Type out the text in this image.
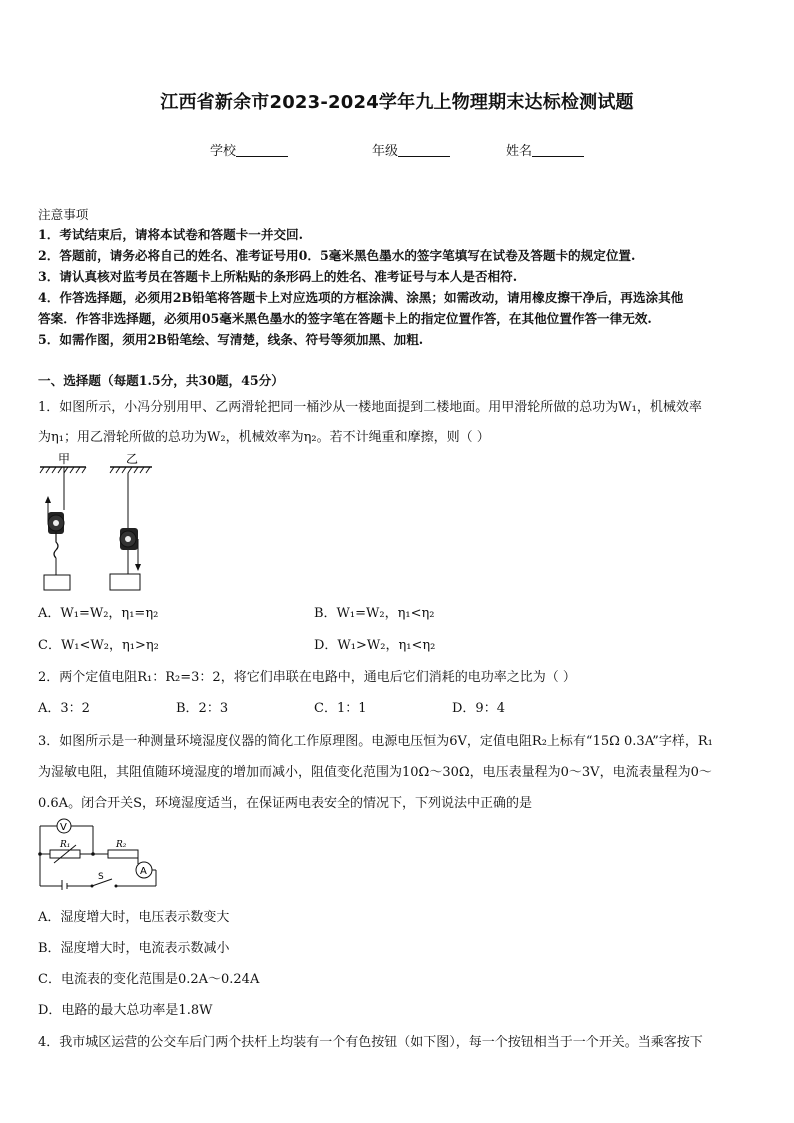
江西省新余市2023-2024学年九上物理期末达标检测试题
学校	年级	姓名
注意事项
1．考试结束后，请将本试卷和答题卡一并交回.
2．答题前，请务必将自己的姓名、准考证号用0．5毫米黑色墨水的签字笔填写在试卷及答题卡的规定位置.
3．请认真核对监考员在答题卡上所粘贴的条形码上的姓名、准考证号与本人是否相符.
4．作答选择题，必须用2B铅笔将答题卡上对应选项的方框涂满、涂黑；如需改动，请用橡皮擦干净后，再选涂其他
答案．作答非选择题，必须用05毫米黑色墨水的签字笔在答题卡上的指定位置作答，在其他位置作答一律无效.
5．如需作图，须用2B铅笔绘、写清楚，线条、符号等须加黑、加粗.
一、选择题（每题1.5分，共30题，45分）
1．如图所示，小冯分别用甲、乙两滑轮把同一桶沙从一楼地面提到二楼地面。用甲滑轮所做的总功为W₁，机械效率
为η₁；用乙滑轮所做的总功为W₂，机械效率为η₂。若不计绳重和摩擦，则（ ）
甲	乙
A．W₁=W₂，η₁=η₂	B．W₁=W₂，η₁<η₂
C．W₁<W₂，η₁>η₂	D．W₁>W₂，η₁<η₂
2．两个定值电阻R₁：R₂=3：2，将它们串联在电路中，通电后它们消耗的电功率之比为（ ）
A．3：2	B．2：3	C．1：1	D．9：4
3．如图所示是一种测量环境湿度仪器的简化工作原理图。电源电压恒为6V，定值电阻R₂上标有“15Ω 0.3A”字样，R₁
为湿敏电阻，其阻值随环境湿度的增加而减小，阻值变化范围为10Ω～30Ω，电压表量程为0～3V，电流表量程为0～
0.6A。闭合开关S，环境湿度适当，在保证两电表安全的情况下，下列说法中正确的是
V
A
R₁	R₂
S
A．湿度增大时，电压表示数变大
B．湿度增大时，电流表示数减小
C．电流表的变化范围是0.2A～0.24A
D．电路的最大总功率是1.8W
4．我市城区运营的公交车后门两个扶杆上均装有一个有色按钮（如下图），每一个按钮相当于一个开关。当乘客按下
